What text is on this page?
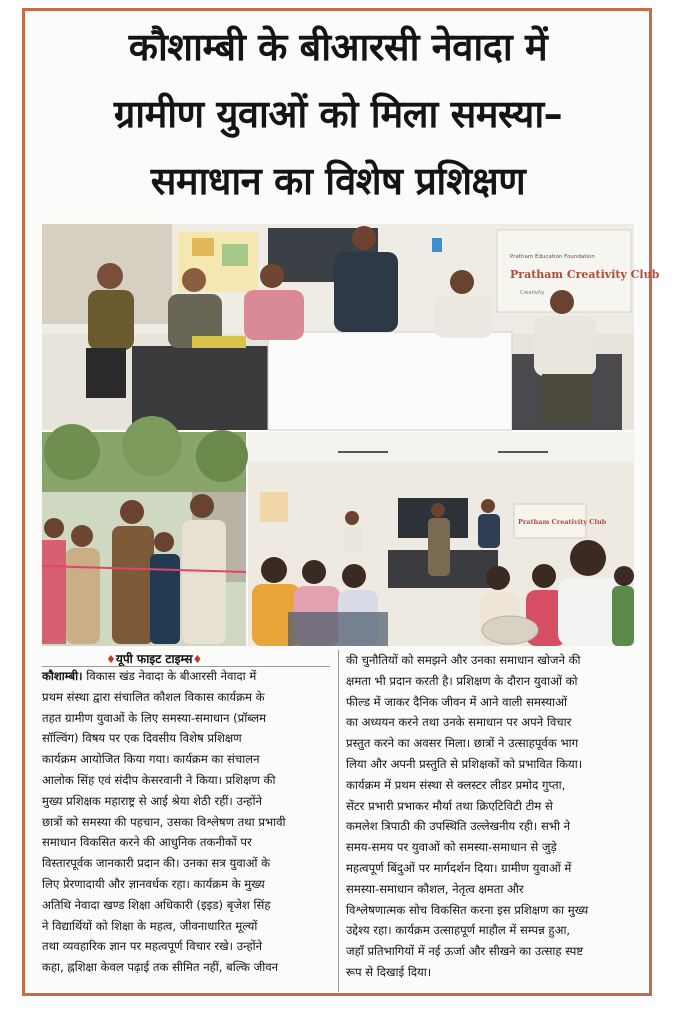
कौशाम्बी के बीआरसी नेवादा में
ग्रामीण युवाओं को मिला समस्या–
समाधान का विशेष प्रशिक्षण
Pratham Creativity Club
Pratham Education Foundation
Creativity
Pratham Creativity Club
♦यूपी फाइट टाइम्स♦
कौशाम्बी। विकास खंड नेवादा के बीआरसी नेवादा में
प्रथम संस्था द्वारा संचालित कौशल विकास कार्यक्रम के
तहत ग्रामीण युवाओं के लिए समस्या-समाधान (प्रॉब्लम
सॉल्विंग) विषय पर एक दिवसीय विशेष प्रशिक्षण
कार्यक्रम आयोजित किया गया। कार्यक्रम का संचालन
आलोक सिंह एवं संदीप केसरवानी ने किया। प्रशिक्षण की
मुख्य प्रशिक्षक महाराष्ट्र से आई श्रेया शेठी रहीं। उन्होंने
छात्रों को समस्या की पहचान, उसका विश्लेषण तथा प्रभावी
समाधान विकसित करने की आधुनिक तकनीकों पर
विस्तारपूर्वक जानकारी प्रदान की। उनका सत्र युवाओं के
लिए प्रेरणादायी और ज्ञानवर्धक रहा। कार्यक्रम के मुख्य
अतिथि नेवादा खण्ड शिक्षा अधिकारी (इइड) बृजेश सिंह
ने विद्यार्थियों को शिक्षा के महत्व, जीवनाधारित मूल्यों
तथा व्यवहारिक ज्ञान पर महत्वपूर्ण विचार रखे। उन्होंने
कहा, ह्नशिक्षा केवल पढ़ाई तक सीमित नहीं, बल्कि जीवन
की चुनौतियों को समझने और उनका समाधान खोजने की
क्षमता भी प्रदान करती है। प्रशिक्षण के दौरान युवाओं को
फील्ड में जाकर दैनिक जीवन में आने वाली समस्याओं
का अध्ययन करने तथा उनके समाधान पर अपने विचार
प्रस्तुत करने का अवसर मिला। छात्रों ने उत्साहपूर्वक भाग
लिया और अपनी प्रस्तुति से प्रशिक्षकों को प्रभावित किया।
कार्यक्रम में प्रथम संस्था से क्लस्टर लीडर प्रमोद गुप्ता,
सेंटर प्रभारी प्रभाकर मौर्या तथा क्रिएटिविटी टीम से
कमलेश त्रिपाठी की उपस्थिति उल्लेखनीय रही। सभी ने
समय-समय पर युवाओं को समस्या-समाधान से जुड़े
महत्वपूर्ण बिंदुओं पर मार्गदर्शन दिया। ग्रामीण युवाओं में
समस्या-समाधान कौशल, नेतृत्व क्षमता और
विश्लेषणात्मक सोच विकसित करना इस प्रशिक्षण का मुख्य
उद्देश्य रहा। कार्यक्रम उत्साहपूर्ण माहौल में सम्पन्न हुआ,
जहाँ प्रतिभागियों में नई ऊर्जा और सीखने का उत्साह स्पष्ट
रूप से दिखाई दिया।
